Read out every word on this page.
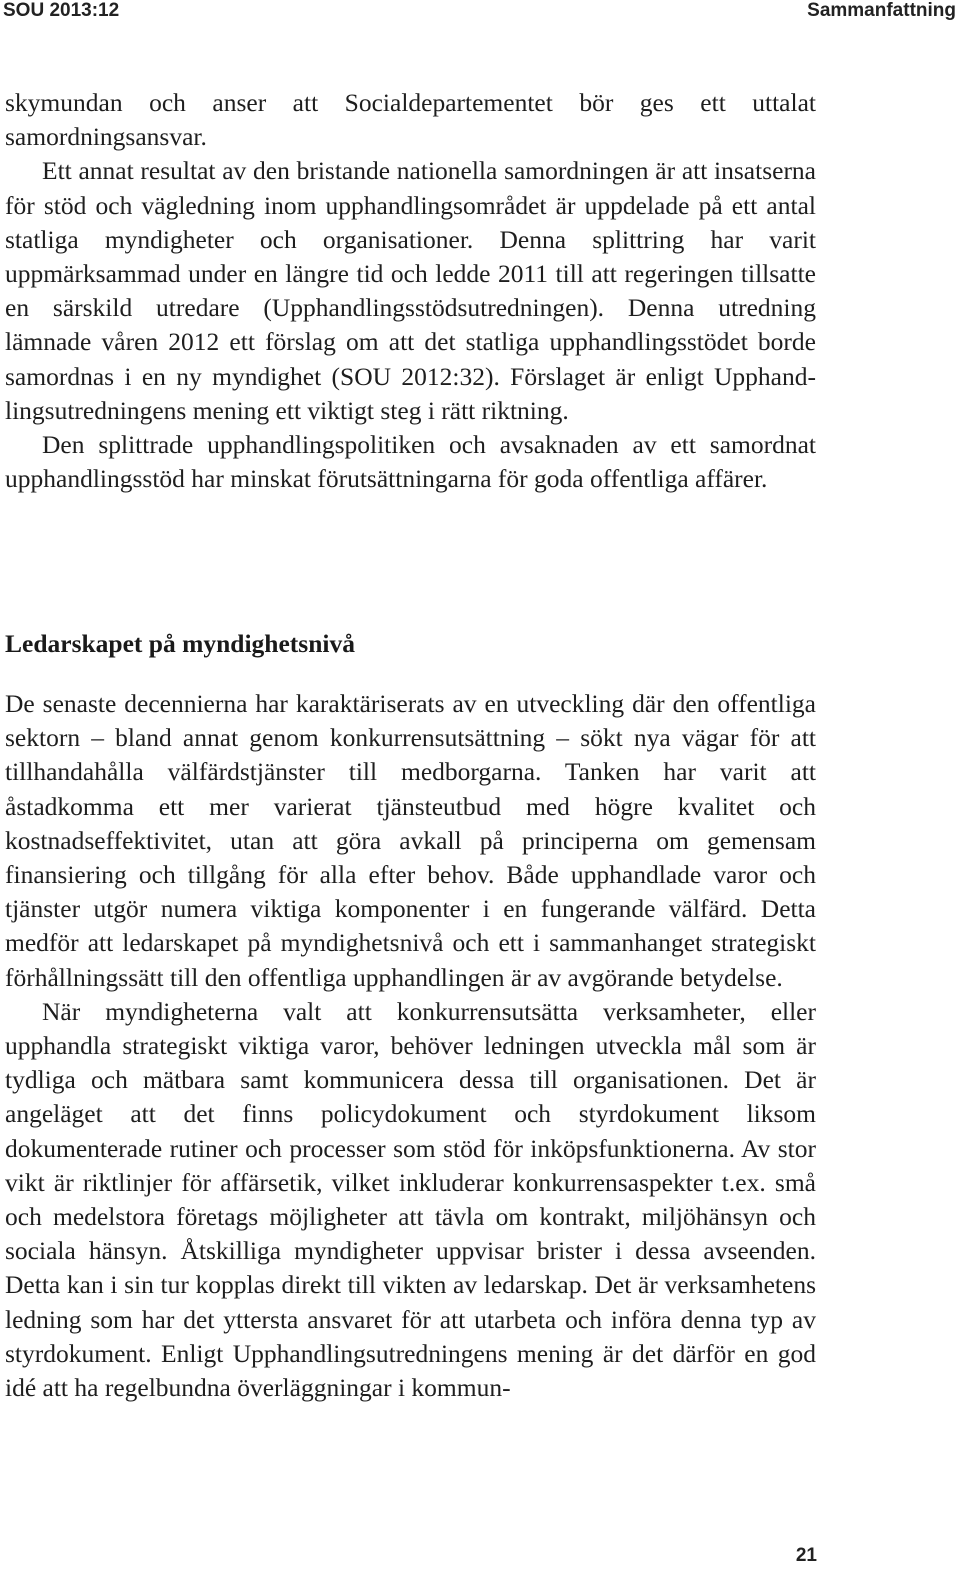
SOU 2013:12	Sammanfattning

skymundan och anser att Socialdepartementet bör ges ett uttalat samordningsansvar.

Ett annat resultat av den bristande nationella samordningen är att insatserna för stöd och vägledning inom upphandlingsområdet är uppdelade på ett antal statliga myndigheter och organisationer. Denna splittring har varit uppmärksammad under en längre tid och ledde 2011 till att regeringen tillsatte en särskild utredare (Upphandlingsstödsutredningen). Denna utredning lämnade våren 2012 ett förslag om att det statliga upphandlingsstödet borde samordnas i en ny myndighet (SOU 2012:32). Förslaget är enligt Upphandlingsutredningens mening ett viktigt steg i rätt riktning.

Den splittrade upphandlingspolitiken och avsaknaden av ett samordnat upphandlingsstöd har minskat förutsättningarna för goda offentliga affärer.

Ledarskapet på myndighetsnivå

De senaste decennierna har karaktäriserats av en utveckling där den offentliga sektorn – bland annat genom konkurrensutsättning – sökt nya vägar för att tillhandahålla välfärdstjänster till medborgarna. Tanken har varit att åstadkomma ett mer varierat tjänsteutbud med högre kvalitet och kostnadseffektivitet, utan att göra avkall på principerna om gemensam finansiering och tillgång för alla efter behov. Både upphandlade varor och tjänster utgör numera viktiga komponenter i en fungerande välfärd. Detta medför att ledarskapet på myndighetsnivå och ett i sammanhanget strategiskt förhållningssätt till den offentliga upphandlingen är av avgörande betydelse.

När myndigheterna valt att konkurrensutsätta verksamheter, eller upphandla strategiskt viktiga varor, behöver ledningen utveckla mål som är tydliga och mätbara samt kommunicera dessa till organisationen. Det är angeläget att det finns policydokument och styrdokument liksom dokumenterade rutiner och processer som stöd för inköpsfunktionerna. Av stor vikt är riktlinjer för affärsetik, vilket inkluderar konkurrensaspekter t.ex. små och medelstora företags möjligheter att tävla om kontrakt, miljöhänsyn och sociala hänsyn. Åtskilliga myndigheter uppvisar brister i dessa avseenden. Detta kan i sin tur kopplas direkt till vikten av ledarskap. Det är verksamhetens ledning som har det yttersta ansvaret för att utarbeta och införa denna typ av styrdokument. Enligt Upphandlingsutredningens mening är det därför en god idé att ha regelbundna överläggningar i kommun-

21
